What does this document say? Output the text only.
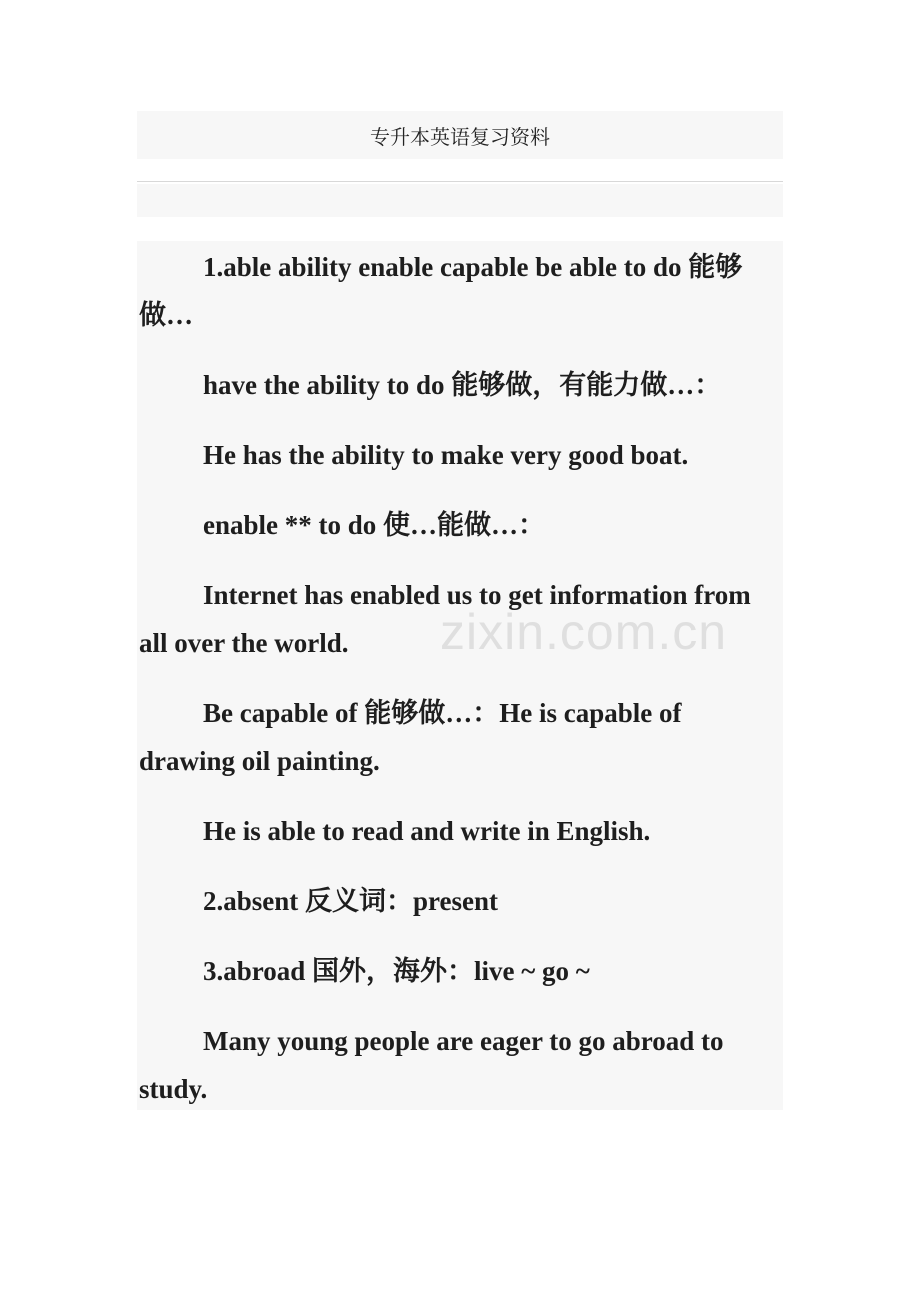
专升本英语复习资料

1.able ability enable capable be able to do 能够做…

have the ability to do 能够做，有能力做…：

He has the ability to make very good boat.

enable ** to do 使…能做…：

Internet has enabled us to get information from all over the world.

Be capable of 能够做…：He is capable of drawing oil painting.

He is able to read and write in English.

2.absent 反义词：present

3.abroad 国外，海外：live ~ go ~

Many young people are eager to go abroad to study.

zixin.com.cn
